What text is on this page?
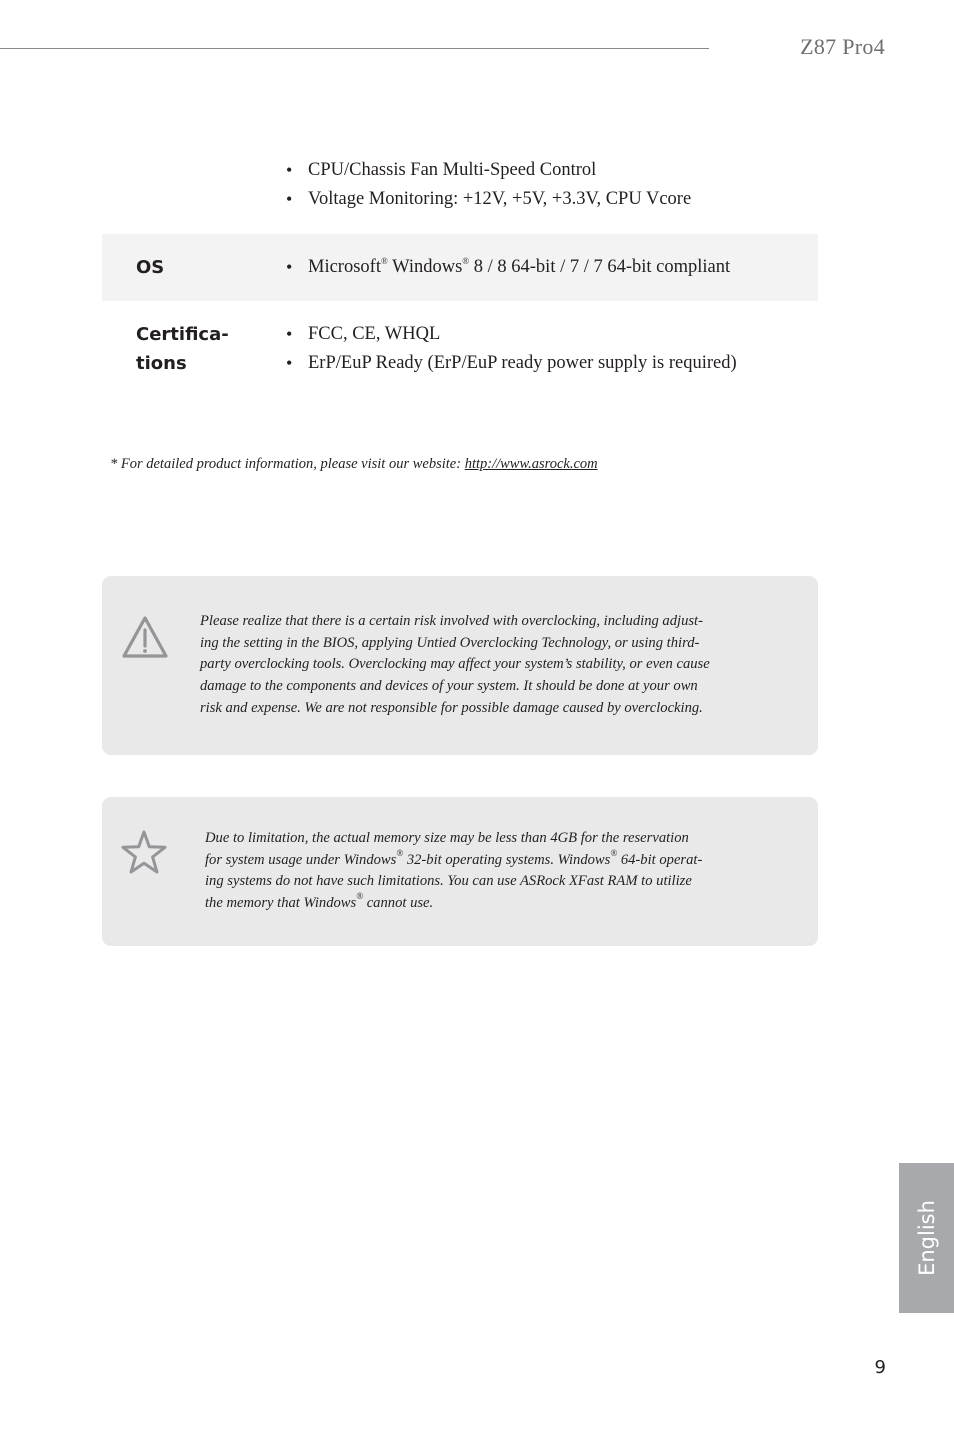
Z87 Pro4
• CPU/Chassis Fan Multi-Speed Control
• Voltage Monitoring: +12V, +5V, +3.3V, CPU Vcore
OS
•	Microsoft® Windows® 8 / 8 64-bit / 7 / 7 64-bit compliant
Certifica-
tions
• FCC, CE, WHQL
• ErP/EuP Ready (ErP/EuP ready power supply is required)
* For detailed product information, please visit our website: http://www.asrock.com

Please realize that there is a certain risk involved with overclocking, including adjust-
ing the setting in the BIOS, applying Untied Overclocking Technology, or using third-
party overclocking tools. Overclocking may affect your system’s stability, or even cause
damage to the components and devices of your system. It should be done at your own
risk and expense. We are not responsible for possible damage caused by overclocking.

Due to limitation, the actual memory size may be less than 4GB for the reservation
for system usage under Windows® 32-bit operating systems. Windows® 64-bit operat-
ing systems do not have such limitations. You can use ASRock XFast RAM to utilize
the memory that Windows® cannot use.

English
9
